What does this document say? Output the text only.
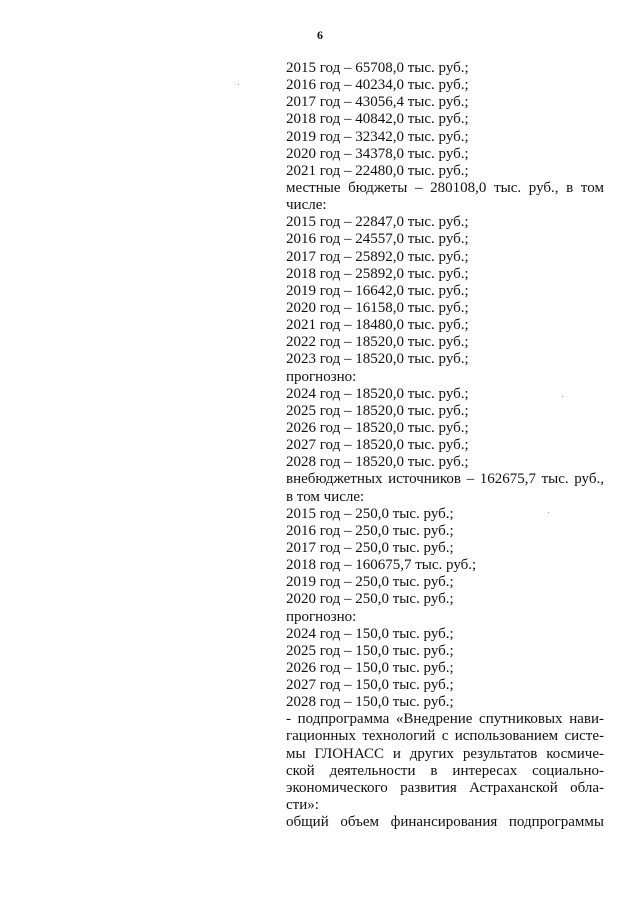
6
2015 год – 65708,0 тыс. руб.;
2016 год – 40234,0 тыс. руб.;
2017 год – 43056,4 тыс. руб.;
2018 год – 40842,0 тыс. руб.;
2019 год – 32342,0 тыс. руб.;
2020 год – 34378,0 тыс. руб.;
2021 год – 22480,0 тыс. руб.;
местные бюджеты – 280108,0 тыс. руб., в том
числе:
2015 год – 22847,0 тыс. руб.;
2016 год – 24557,0 тыс. руб.;
2017 год – 25892,0 тыс. руб.;
2018 год – 25892,0 тыс. руб.;
2019 год – 16642,0 тыс. руб.;
2020 год – 16158,0 тыс. руб.;
2021 год – 18480,0 тыс. руб.;
2022 год – 18520,0 тыс. руб.;
2023 год – 18520,0 тыс. руб.;
прогнозно:
2024 год – 18520,0 тыс. руб.;
2025 год – 18520,0 тыс. руб.;
2026 год – 18520,0 тыс. руб.;
2027 год – 18520,0 тыс. руб.;
2028 год – 18520,0 тыс. руб.;
внебюджетных источников – 162675,7 тыс. руб.,
в том числе:
2015 год – 250,0 тыс. руб.;
2016 год – 250,0 тыс. руб.;
2017 год – 250,0 тыс. руб.;
2018 год – 160675,7 тыс. руб.;
2019 год – 250,0 тыс. руб.;
2020 год – 250,0 тыс. руб.;
прогнозно:
2024 год – 150,0 тыс. руб.;
2025 год – 150,0 тыс. руб.;
2026 год – 150,0 тыс. руб.;
2027 год – 150,0 тыс. руб.;
2028 год – 150,0 тыс. руб.;
- подпрограмма «Внедрение спутниковых нави-
гационных технологий с использованием систе-
мы ГЛОНАСС и других результатов космиче-
ской деятельности в интересах социально-
экономического развития Астраханской обла-
сти»:
общий объем финансирования подпрограммы
